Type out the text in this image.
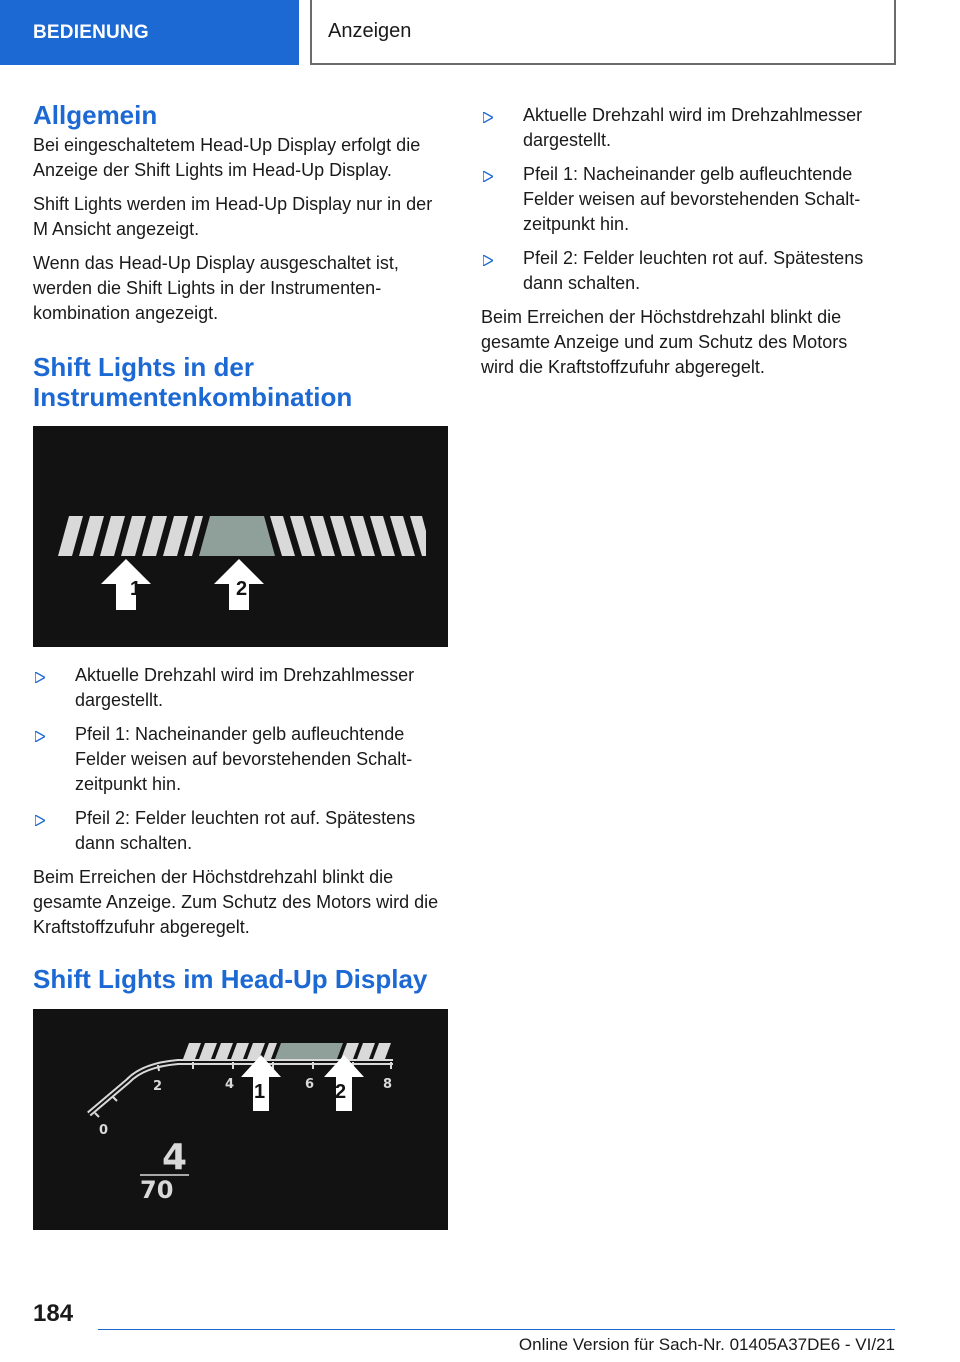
BEDIENUNG	Anzeigen
Allgemein

Bei eingeschaltetem Head-Up Display erfolgt die Anzeige der Shift Lights im Head-Up Display.

Shift Lights werden im Head-Up Display nur in der M Ansicht angezeigt.

Wenn das Head-Up Display ausgeschaltet ist, werden die Shift Lights in der Instrumenten-kombination angezeigt.

Shift Lights in der Instrumentenkombination
1	2
Aktuelle Drehzahl wird im Drehzahlmesser dargestellt.
Pfeil 1: Nacheinander gelb aufleuchtende Felder weisen auf bevorstehenden Schalt-zeitpunkt hin.
Pfeil 2: Felder leuchten rot auf. Spätestens dann schalten.

Beim Erreichen der Höchstdrehzahl blinkt die gesamte Anzeige. Zum Schutz des Motors wird die Kraftstoffzufuhr abgeregelt.

Shift Lights im Head-Up Display
0
2	4	6	8
1	2
4
70
Aktuelle Drehzahl wird im Drehzahlmesser dargestellt.
Pfeil 1: Nacheinander gelb aufleuchtende Felder weisen auf bevorstehenden Schalt-zeitpunkt hin.
Pfeil 2: Felder leuchten rot auf. Spätestens dann schalten.

Beim Erreichen der Höchstdrehzahl blinkt die gesamte Anzeige und zum Schutz des Motors wird die Kraftstoffzufuhr abgeregelt.

184
Online Version für Sach-Nr. 01405A37DE6 - VI/21
